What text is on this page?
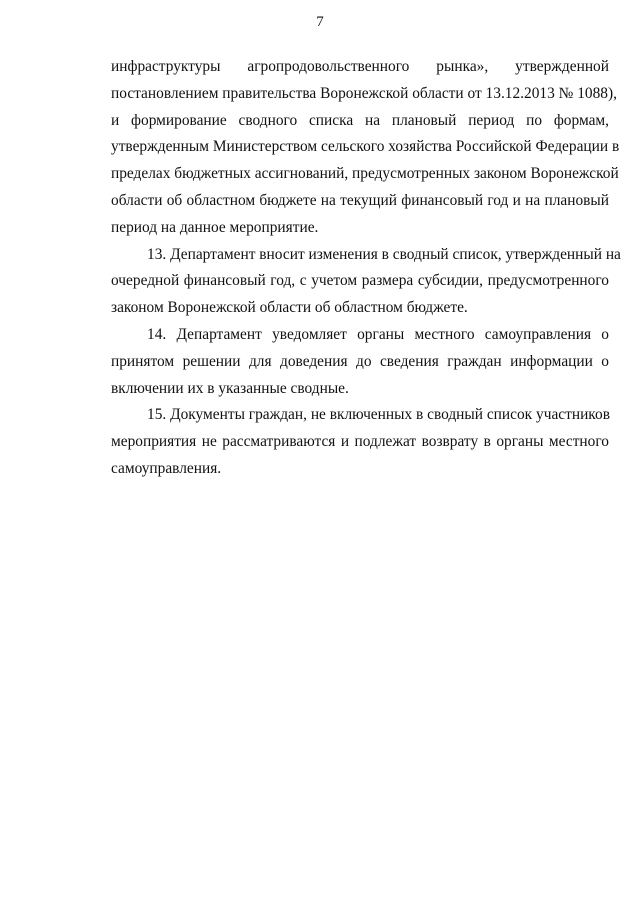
7

инфраструктуры агропродовольственного рынка», утвержденной
постановлением правительства Воронежской области от 13.12.2013 № 1088),
и формирование сводного списка на плановый период по формам,
утвержденным Министерством сельского хозяйства Российской Федерации в
пределах бюджетных ассигнований, предусмотренных законом Воронежской
области об областном бюджете на текущий финансовый год и на плановый
период на данное мероприятие.

13. Департамент вносит изменения в сводный список, утвержденный на
очередной финансовый год, с учетом размера субсидии, предусмотренного
законом Воронежской области об областном бюджете.

14. Департамент уведомляет органы местного самоуправления о
принятом решении для доведения до сведения граждан информации о
включении их в указанные сводные.

15. Документы граждан, не включенных в сводный список участников
мероприятия не рассматриваются и подлежат возврату в органы местного
самоуправления.
